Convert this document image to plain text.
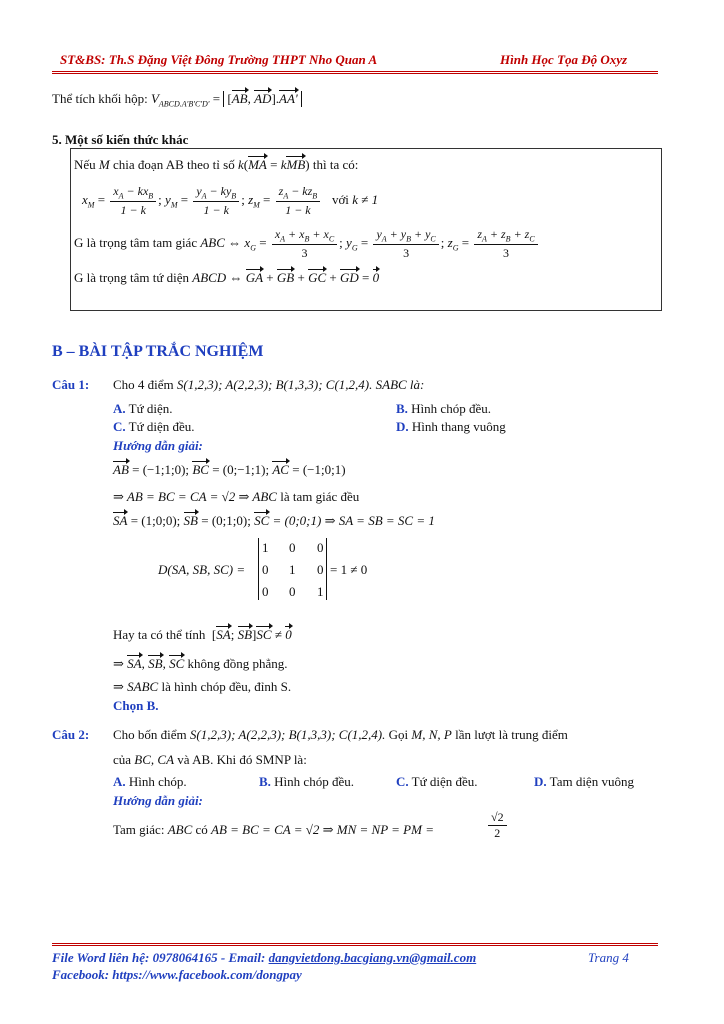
ST&BS: Th.S Đặng Việt Đông Trường THPT Nho Quan A	Hình Học Tọa Độ Oxyz
Thể tích khối hộp: $V_{ABCD.A'B'C'D'} = [AB$, AD].AA'
5. Một số kiến thức khác
Nếu M chia đoạn AB theo tỉ số k(MA = kMB) thì ta có:
$x_M = \frac{x_A - kx_B}{1 - k}$ ; $y_M = \frac{y_A - ky_B}{1 - k}$ ; $z_M = \frac{z_A - kz_B}{1 - k}$ với k ≠ 1
G là trọng tâm tam giác ABC ⇔ $x_G = \frac{x_A + x_B + x_C}{3}$ ; $y_G = \frac{y_A + y_B + y_C}{3}$ ; $z_G = \frac{z_A + z_B + z_C}{3}$
G là trọng tâm tứ diện ABCD ⇔ GA + GB + GC + GD = 0
B – BÀI TẬP TRẮC NGHIỆM
Câu 1: Cho 4 điểm S(1,2,3); A(2,2,3); B(1,3,3); C(1,2,4). SABC là:
A. Tứ diện.	B. Hình chóp đều.
C. Tứ diện đều.	D. Hình thang vuông
Hướng dẫn giải:
AB = (−1;1;0); BC = (0;−1;1); AC = (−1;0;1)
⇒ AB = BC = CA = √2 ⇒ ABC là tam giác đều
SA = (1;0;0); SB = (0;1;0); SC = (0;0;1) ⇒ SA = SB = SC = 1
D(SA, SB, SC) =
1 0 0
0 1 0
0 0 1
= 1 ≠ 0
Hay ta có thể tính  [SA; SB]SC ≠ 0
⇒ SA, SB, SC không đồng phẳng.
⇒ SABC là hình chóp đều, đỉnh S.
Chọn B.
Câu 2: Cho bốn điểm S(1,2,3); A(2,2,3); B(1,3,3); C(1,2,4). Gọi M, N, P lần lượt là trung điểm
của BC, CA và AB. Khi đó SMNP là:
A. Hình chóp.	B. Hình chóp đều.	C. Tứ diện đều.	D. Tam diện vuông
Hướng dẫn giải:
Tam giác: ABC có AB = BC = CA = √2 ⇒ MN = NP = PM =	$\frac{√2}{2}$
File Word liên hệ: 0978064165 - Email: dangvietdong.bacgiang.vn@gmail.com	Trang 4
Facebook: https://www.facebook.com/dongpay
